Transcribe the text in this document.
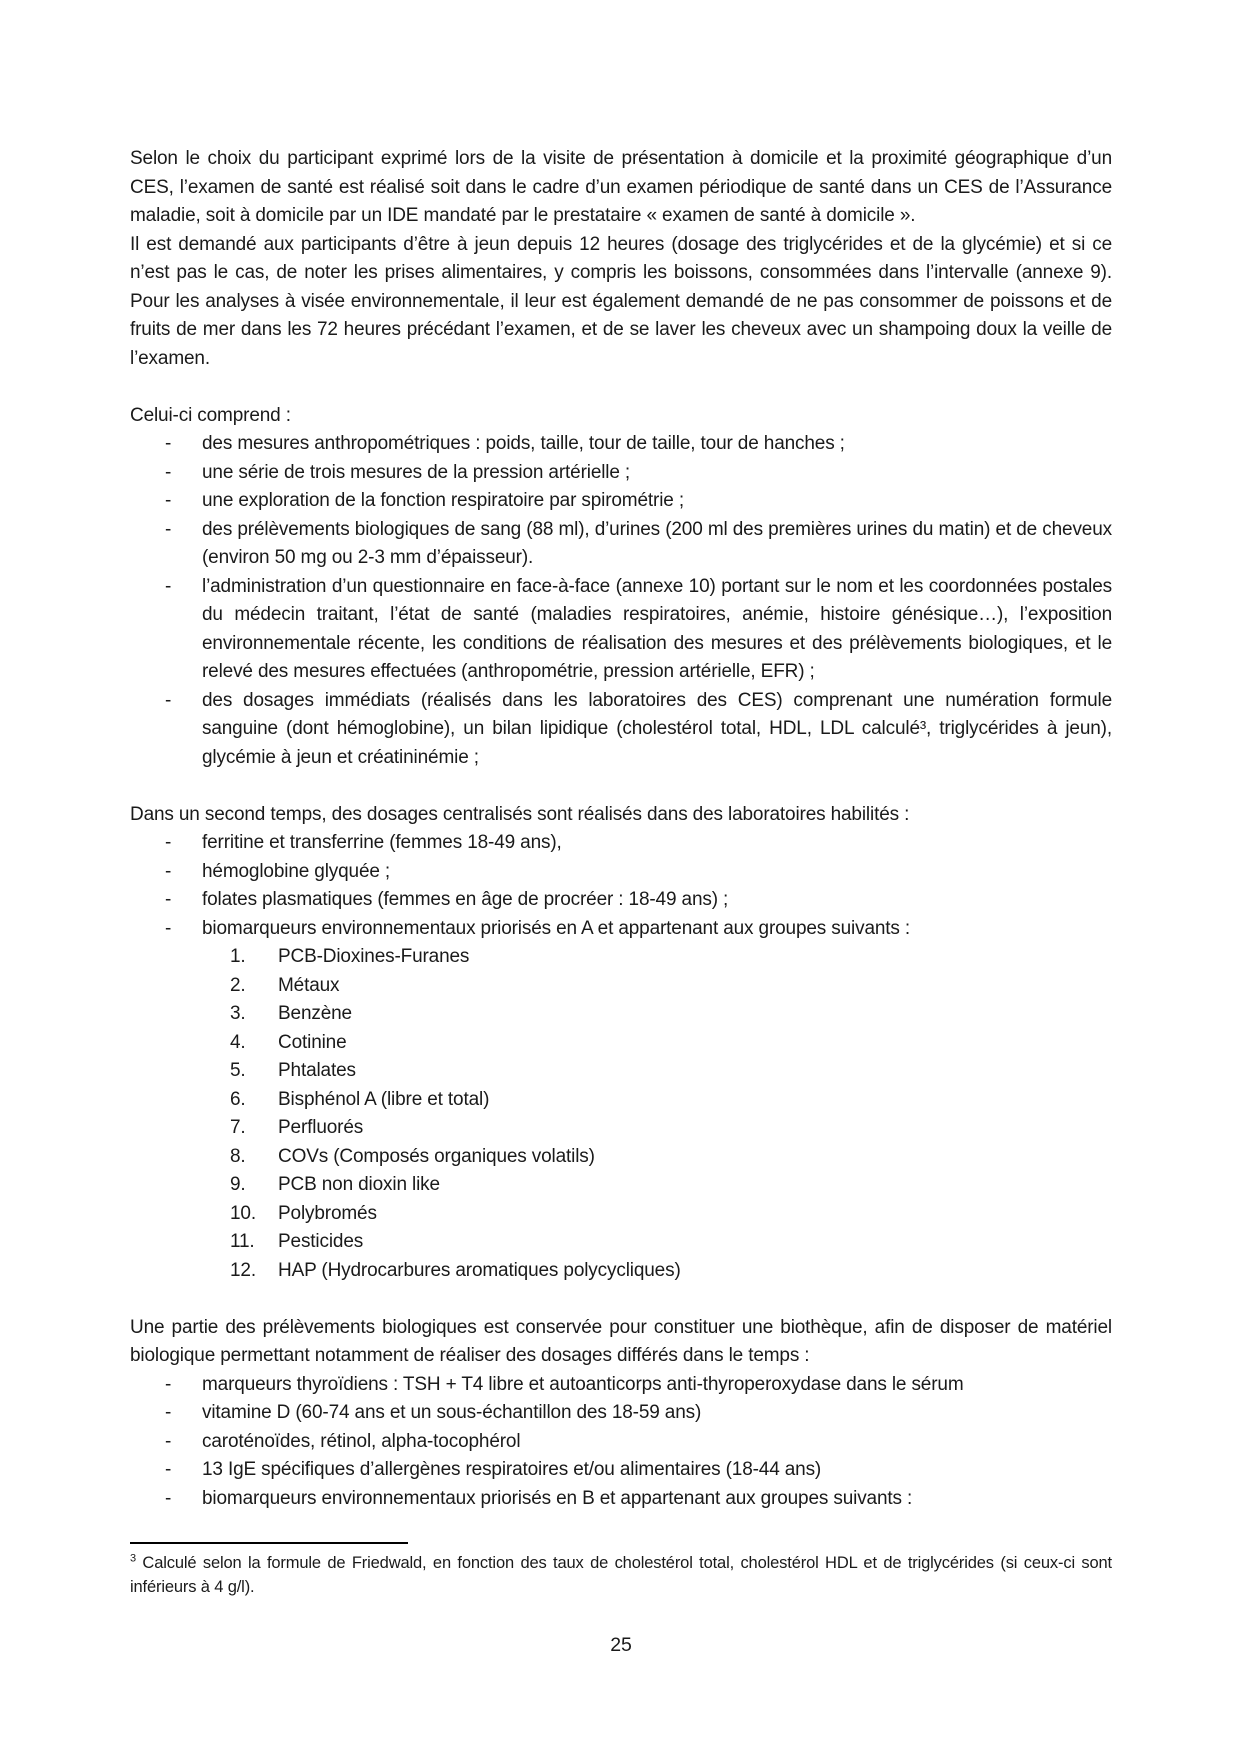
Selon le choix du participant exprimé lors de la visite de présentation à domicile et la proximité géographique d’un CES, l’examen de santé est réalisé soit dans le cadre d’un examen périodique de santé dans un CES de l’Assurance maladie, soit à domicile par un IDE mandaté par le prestataire « examen de santé à domicile ».

Il est demandé aux participants d’être à jeun depuis 12 heures (dosage des triglycérides et de la glycémie) et si ce n’est pas le cas, de noter les prises alimentaires, y compris les boissons, consommées dans l’intervalle (annexe 9). Pour les analyses à visée environnementale, il leur est également demandé de ne pas consommer de poissons et de fruits de mer dans les 72 heures précédant l’examen, et de se laver les cheveux avec un shampoing doux la veille de l’examen.

Celui-ci comprend :

-	des mesures anthropométriques : poids, taille, tour de taille, tour de hanches ;
-	une série de trois mesures de la pression artérielle ;
-	une exploration de la fonction respiratoire par spirométrie ;
-	des prélèvements biologiques de sang (88 ml), d’urines (200 ml des premières urines du matin) et de cheveux (environ 50 mg ou 2-3 mm d’épaisseur).
-	l’administration d’un questionnaire en face-à-face (annexe 10) portant sur le nom et les coordonnées postales du médecin traitant, l’état de santé (maladies respiratoires, anémie, histoire génésique…), l’exposition environnementale récente, les conditions de réalisation des mesures et des prélèvements biologiques, et le relevé des mesures effectuées (anthropométrie, pression artérielle, EFR) ;
-	des dosages immédiats (réalisés dans les laboratoires des CES) comprenant une numération formule sanguine (dont hémoglobine), un bilan lipidique (cholestérol total, HDL, LDL calculé³, triglycérides à jeun), glycémie à jeun et créatininémie ;

Dans un second temps, des dosages centralisés sont réalisés dans des laboratoires habilités :

-	ferritine et transferrine (femmes 18-49 ans),
-	hémoglobine glyquée ;
-	folates plasmatiques (femmes en âge de procréer : 18-49 ans) ;
-	biomarqueurs environnementaux priorisés en A et appartenant aux groupes suivants :
1.	PCB-Dioxines-Furanes
2.	Métaux
3.	Benzène
4.	Cotinine
5.	Phtalates
6.	Bisphénol A (libre et total)
7.	Perfluorés
8.	COVs (Composés organiques volatils)
9.	PCB non dioxin like
10.	Polybromés
11.	Pesticides
12.	HAP (Hydrocarbures aromatiques polycycliques)

Une partie des prélèvements biologiques est conservée pour constituer une biothèque, afin de disposer de matériel biologique permettant notamment de réaliser des dosages différés dans le temps :

-	marqueurs thyroïdiens : TSH + T4 libre et autoanticorps anti-thyroperoxydase dans le sérum
-	vitamine D (60-74 ans et un sous-échantillon des 18-59 ans)
-	caroténoïdes, rétinol, alpha-tocophérol
-	13 IgE spécifiques d’allergènes respiratoires et/ou alimentaires (18-44 ans)
-	biomarqueurs environnementaux priorisés en B et appartenant aux groupes suivants :

$^3$ Calculé selon la formule de Friedwald, en fonction des taux de cholestérol total, cholestérol HDL et de triglycérides (si ceux-ci sont inférieurs à 4 g/l).

25
